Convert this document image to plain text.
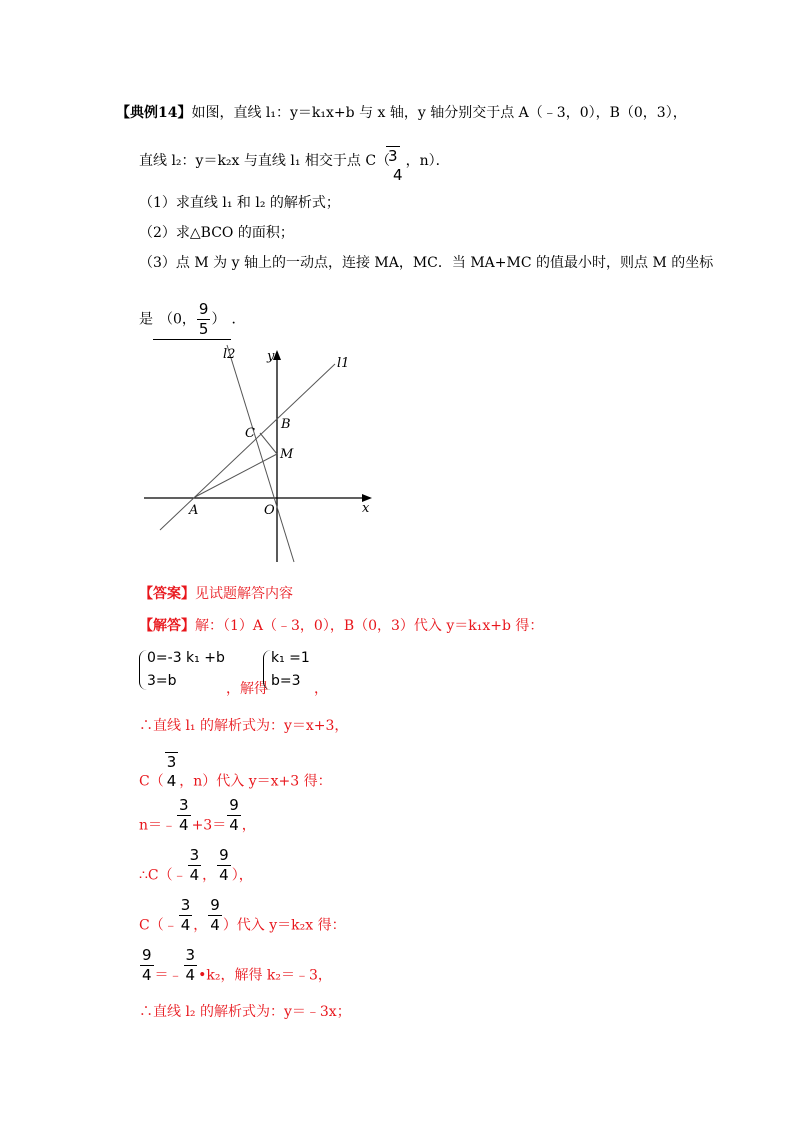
【典例14】如图，直线 l₁：y＝k₁x+b 与 x 轴，y 轴分别交于点 A（﹣3，0），B（0，3），
直线 l₂：y＝k₂x 与直线 l₁ 相交于点 C（
3
4
，n）．
（1）求直线 l₁ 和 l₂ 的解析式；
（2）求△BCO 的面积；
（3）点 M 为 y 轴上的一动点，连接 MA，MC．当 MA+MC 的值最小时，则点 M 的坐标
是 （0， $\frac{9}{5}$ ） ．
l2
l1
y
x
A	O
B
C
M
【答案】见试题解答内容
【解答】解：（1）A（﹣3，0），B（0，3）代入 y＝k₁x+b 得：
0=-3 k₁ +b
3=b	，解得
k₁ =1
b=3 ，
∴直线 l₁ 的解析式为：y＝x+3，
C（
3
4 ，n）代入 y＝x+3 得：
n＝﹣ $\frac{3}{4} +3= \frac{9}{4}$ ，
∴C（﹣ $\frac{3}{4}$ ， $\frac{9}{4}$ ），
C（﹣ $\frac{3}{4}$ ， $\frac{9}{4}$ ）代入 y＝k₂x 得：
$\frac{9}{4}$ ＝﹣ $\frac{3}{4}$ •k₂，解得 k₂＝﹣3，
∴直线 l₂ 的解析式为：y＝﹣3x；
